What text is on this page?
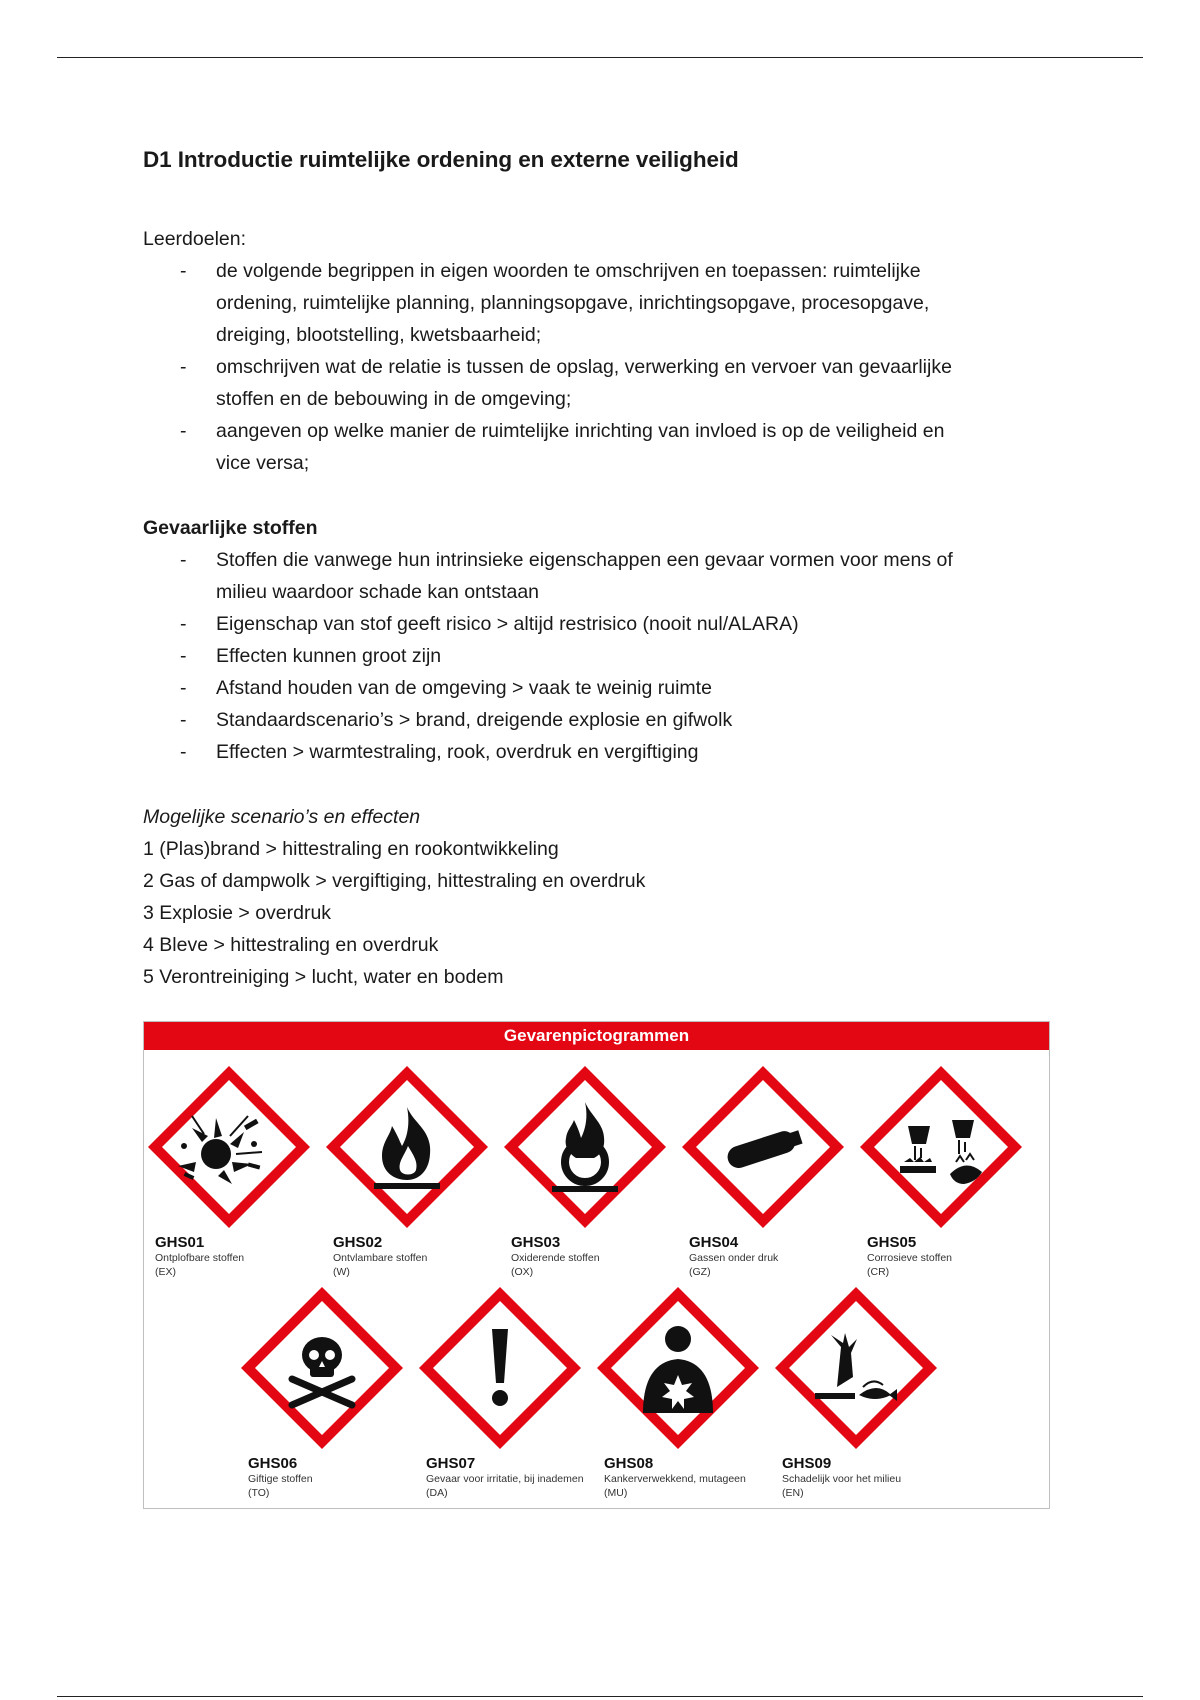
D1 Introductie ruimtelijke ordening en externe veiligheid

Leerdoelen:

- de volgende begrippen in eigen woorden te omschrijven en toepassen: ruimtelijke
ordening, ruimtelijke planning, planningsopgave, inrichtingsopgave, procesopgave,
dreiging, blootstelling, kwetsbaarheid;
- omschrijven wat de relatie is tussen de opslag, verwerking en vervoer van gevaarlijke
stoffen en de bebouwing in de omgeving;
- aangeven op welke manier de ruimtelijke inrichting van invloed is op de veiligheid en
vice versa;

Gevaarlijke stoffen

- Stoffen die vanwege hun intrinsieke eigenschappen een gevaar vormen voor mens of
milieu waardoor schade kan ontstaan
- Eigenschap van stof geeft risico > altijd restrisico (nooit nul/ALARA)
- Effecten kunnen groot zijn
- Afstand houden van de omgeving > vaak te weinig ruimte
- Standaardscenario’s > brand, dreigende explosie en gifwolk
- Effecten > warmtestraling, rook, overdruk en vergiftiging

Mogelijke scenario’s en effecten

1 (Plas)brand > hittestraling en rookontwikkeling

2 Gas of dampwolk > vergiftiging, hittestraling en overdruk

3 Explosie > overdruk

4 Bleve > hittestraling en overdruk

5 Verontreiniging > lucht, water en bodem

Gevarenpictogrammen
GHS01
Ontplofbare stoffen
(EX)
GHS02
Ontvlambare stoffen
(W)
GHS03
Oxiderende stoffen
(OX)
GHS04
Gassen onder druk
(GZ)
GHS05
Corrosieve stoffen
(CR)
GHS06
Giftige stoffen
(TO)
GHS07
Gevaar voor irritatie, bij inademen
(DA)
GHS08
Kankerverwekkend, mutageen
(MU)
GHS09
Schadelijk voor het milieu
(EN)
